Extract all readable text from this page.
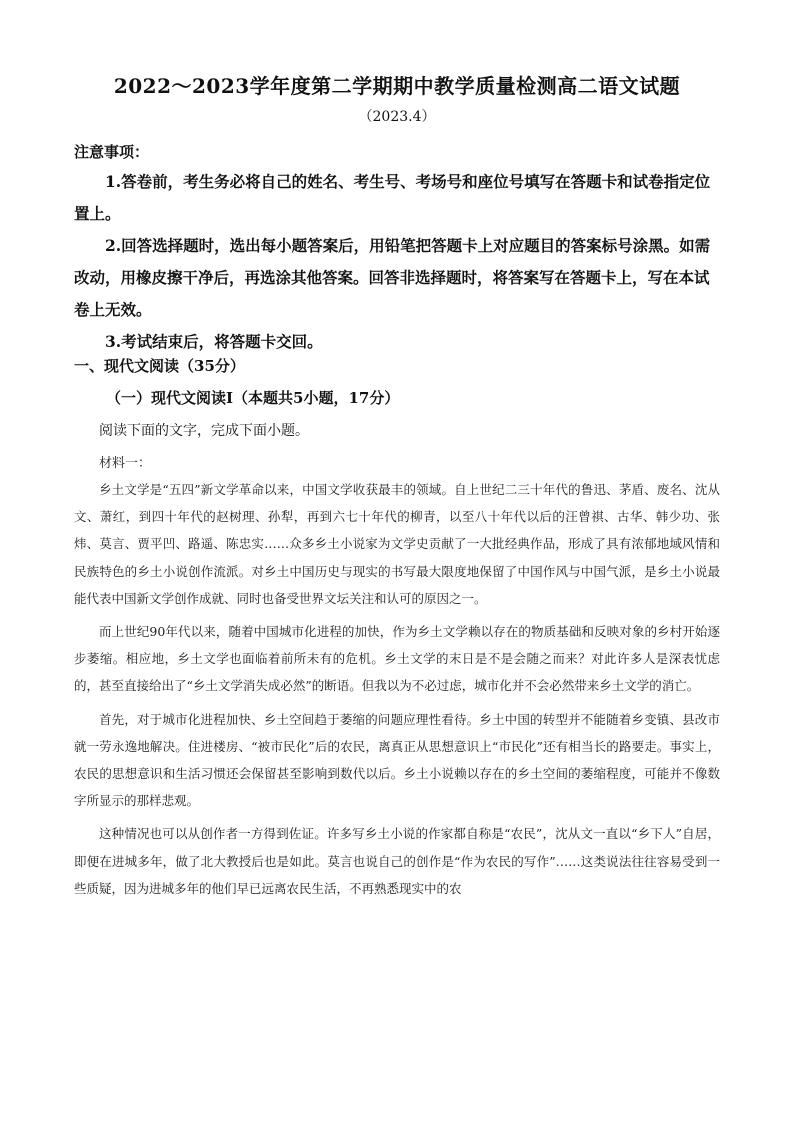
2022～2023学年度第二学期期中教学质量检测高二语文试题
（2023.4）
注意事项：

1.答卷前，考生务必将自己的姓名、考生号、考场号和座位号填写在答题卡和试卷指定位置上。

2.回答选择题时，选出每小题答案后，用铅笔把答题卡上对应题目的答案标号涂黑。如需改动，用橡皮擦干净后，再选涂其他答案。回答非选择题时，将答案写在答题卡上，写在本试卷上无效。

3.考试结束后，将答题卡交回。

一、现代文阅读（35分）
（一）现代文阅读Ⅰ（本题共5小题，17分）
阅读下面的文字，完成下面小题。
材料一：

乡土文学是“五四”新文学革命以来，中国文学收获最丰的领域。自上世纪二三十年代的鲁迅、茅盾、废名、沈从文、萧红，到四十年代的赵树理、孙犁，再到六七十年代的柳青，以至八十年代以后的汪曾祺、古华、韩少功、张炜、莫言、贾平凹、路遥、陈忠实……众多乡土小说家为文学史贡献了一大批经典作品，形成了具有浓郁地域风情和民族特色的乡土小说创作流派。对乡土中国历史与现实的书写最大限度地保留了中国作风与中国气派，是乡土小说最能代表中国新文学创作成就、同时也备受世界文坛关注和认可的原因之一。

而上世纪90年代以来，随着中国城市化进程的加快，作为乡土文学赖以存在的物质基础和反映对象的乡村开始逐步萎缩。相应地，乡土文学也面临着前所未有的危机。乡土文学的末日是不是会随之而来？对此许多人是深表忧虑的，甚至直接给出了“乡土文学消失成必然”的断语。但我以为不必过虑，城市化并不会必然带来乡土文学的消亡。

首先，对于城市化进程加快、乡土空间趋于萎缩的问题应理性看待。乡土中国的转型并不能随着乡变镇、县改市就一劳永逸地解决。住进楼房、“被市民化”后的农民，离真正从思想意识上“市民化”还有相当长的路要走。事实上，农民的思想意识和生活习惯还会保留甚至影响到数代以后。乡土小说赖以存在的乡土空间的萎缩程度，可能并不像数字所显示的那样悲观。

这种情况也可以从创作者一方得到佐证。许多写乡土小说的作家都自称是“农民”，沈从文一直以“乡下人”自居，即便在进城多年，做了北大教授后也是如此。莫言也说自己的创作是“作为农民的写作”……这类说法往往容易受到一些质疑，因为进城多年的他们早已远离农民生活，不再熟悉现实中的农
